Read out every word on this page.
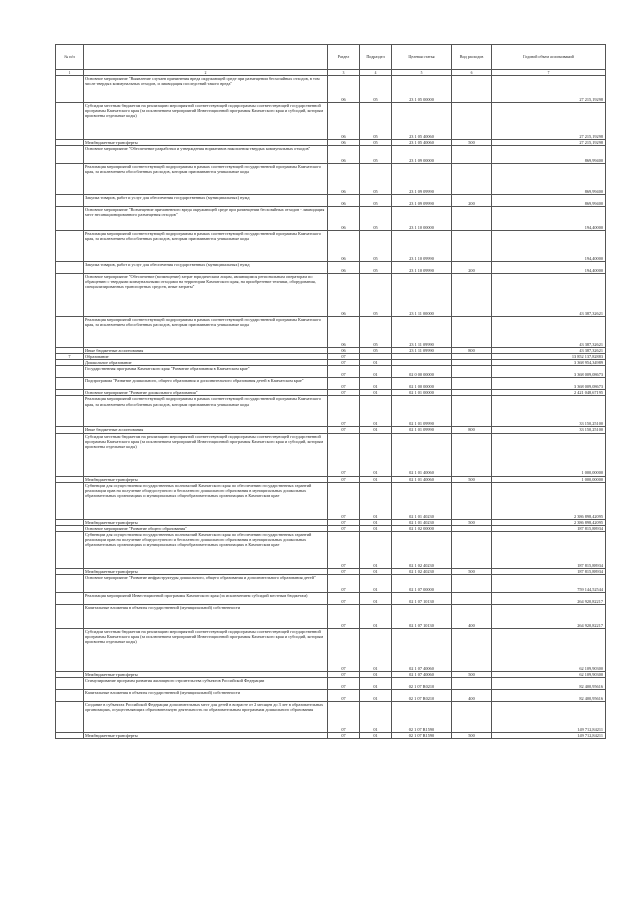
№ п/п		Раздел	Подраздел	Целевая статья	Вид расходов	Годовой объем ассигнований
1	2	3	4	5	6	7
	Основное мероприятие "Выявление случаев причинения вреда окружающей среде при размещении бесхозяйных отходов, в том числе твердых коммунальных отходов, и ликвидация последствий такого вреда"	06	05	23 1 05 00000		27 215,19298
	Субсидии местным бюджетам на реализацию мероприятий соответствующей подпрограммы соответствующей государственной программы Камчатского края (за исключением мероприятий Инвестиционной программы Камчатского края и субсидий, которым присвоены отдельные коды)	06	05	23 1 05 40060		27 215,19298
	Межбюджетные трансферты	06	05	23 1 05 40060	500	27 215,19298
	Основное мероприятие "Обеспечение разработки и утверждения нормативов накопления твердых коммунальных отходов"	06	05	23 1 09 00000		869,99400
	Реализация мероприятий соответствующей подпрограммы в рамках соответствующей государственной программы Камчатского края, за исключением обособленных расходов, которым присваиваются уникальные коды	06	05	23 1 09 09990		869,99400
	Закупка товаров, работ и услуг для обеспечения государственных (муниципальных) нужд	06	05	23 1 09 09990	200	869,99400
	Основное мероприятие "Возмещение причиненного вреда окружающей среде при размещении бесхозяйных отходов - ликвидация мест несанкционированного размещения отходов"	06	05	23 1 10 00000		194,40000
	Реализация мероприятий соответствующей подпрограммы в рамках соответствующей государственной программы Камчатского края, за исключением обособленных расходов, которым присваиваются уникальные коды	06	05	23 1 10 09990		194,40000
	Закупка товаров, работ и услуг для обеспечения государственных (муниципальных) нужд	06	05	23 1 10 09990	200	194,40000
	Основное мероприятие "Обеспечение (возмещение) затрат юридическим лицам, являющимся региональным операторам по обращению с твердыми коммунальными отходами на территории Камчатского края, на приобретение техники, оборудования, специализированных транспортных средств, иные затраты"	06	05	23 1 11 00000		43 387,32621
	Реализация мероприятий соответствующей подпрограммы в рамках соответствующей государственной программы Камчатского края, за исключением обособленных расходов, которым присваиваются уникальные коды	06	05	23 1 11 09990		43 387,32621
	Иные бюджетные ассигнования	06	05	23 1 11 09990	800	43 387,32621
7	Образование	07				13 852 137,82883
	Дошкольное образование	07	01			3 368 954,34989
	Государственная программа Камчатского края "Развитие образования в Камчатском крае"	07	01	02 0 00 00000		3 368 009,08673
	Подпрограмма "Развитие дошкольного, общего образования и дополнительного образования детей в Камчатском крае"	07	01	02 1 00 00000		3 368 009,08673
	Основное мероприятие "Развитие дошкольного образования"	07	01	02 1 01 00000		2 421 048,67195
	Реализация мероприятий соответствующей подпрограммы в рамках соответствующей государственной программы Камчатского края, за исключением обособленных расходов, которым присваиваются уникальные коды	07	01	02 1 01 09990		33 150,25100
	Иные бюджетные ассигнования	07	01	02 1 01 09990	800	33 150,25100
	Субсидии местным бюджетам на реализацию мероприятий соответствующей подпрограммы соответствующей государственной программы Камчатского края (за исключением мероприятий Инвестиционной программы Камчатского края и субсидий, которым присвоены отдельные коды)	07	01	02 1 01 40060		1 000,00000
	Межбюджетные трансферты	07	01	02 1 01 40060	500	1 000,00000
	Субвенции для осуществления государственных полномочий Камчатского края по обеспечению государственных гарантий реализации прав на получение общедоступного и бесплатного дошкольного образования в муниципальных дошкольных образовательных организациях и муниципальных общеобразовательных организациях в Камчатском крае	07	01	02 1 01 40230		2 386 898,42095
	Межбюджетные трансферты	07	01	02 1 01 40230	500	2 386 898,42095
	Основное мероприятие "Развитие общего образования"	07	01	02 1 02 00000		187 815,88934
	Субвенции для осуществления государственных полномочий Камчатского края по обеспечению государственных гарантий реализации прав на получение общедоступного и бесплатного дошкольного образования в муниципальных дошкольных образовательных организациях и муниципальных общеобразовательных организациях в Камчатском крае	07	01	02 1 02 40230		187 815,88934
	Межбюджетные трансферты	07	01	02 1 02 40230	500	187 815,88934
	Основное мероприятие "Развитие инфраструктуры дошкольного, общего образования и дополнительного образования детей"	07	01	02 1 07 00000		759 144,52544
	Реализация мероприятий Инвестиционной программы Камчатского края (за исключением субсидий местным бюджетам)	07	01	02 1 07 10130		264 920,82217
	Капитальные вложения в объекты государственной (муниципальной) собственности	07	01	02 1 07 10130	400	264 920,82217
	Субсидии местным бюджетам на реализацию мероприятий соответствующей подпрограммы соответствующей государственной программы Камчатского края (за исключением мероприятий Инвестиционной программы Камчатского края и субсидий, которым присвоены отдельные коды)	07	01	02 1 07 40060		62 109,90300
	Межбюджетные трансферты	07	01	02 1 07 40060	500	62 109,90300
	Стимулирование программ развития жилищного строительства субъектов Российской Федерации	07	01	02 1 07 R0210		82 400,95616
	Капитальные вложения в объекты государственной (муниципальной) собственности	07	01	02 1 07 R0210	400	82 400,95616
	Создание в субъектах Российской Федерации дополнительных мест для детей в возрасте от 2 месяцев до 3 лет в образовательных организациях, осуществляющих образовательную деятельность по образовательным программам дошкольного образования	07	01	02 1 07 R1590		149 712,84211
	Межбюджетные трансферты	07	01	02 1 07 R1590	500	149 712,84211
